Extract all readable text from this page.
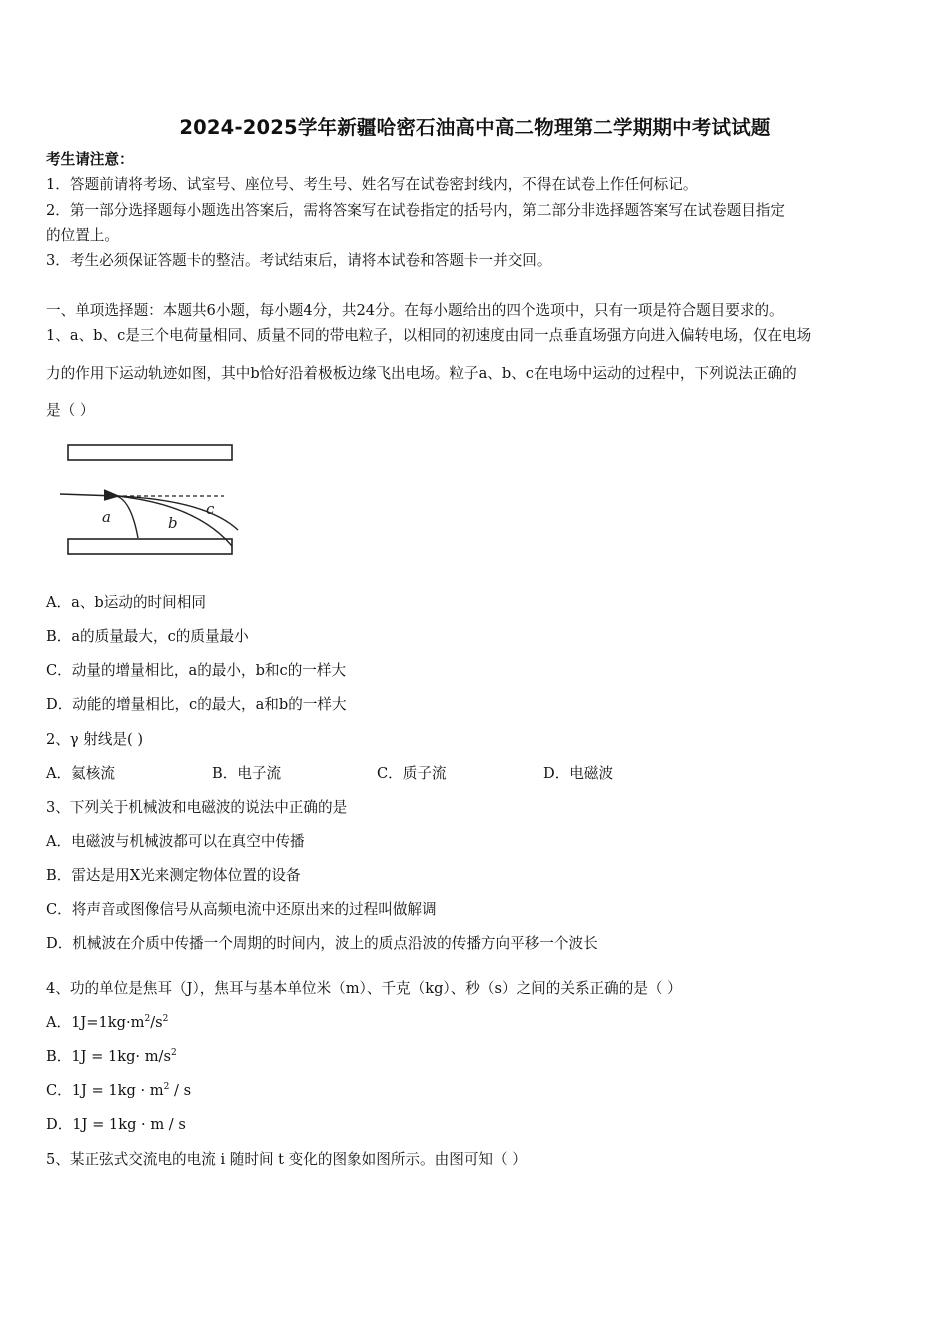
2024-2025学年新疆哈密石油高中高二物理第二学期期中考试试题
考生请注意：
1．答题前请将考场、试室号、座位号、考生号、姓名写在试卷密封线内，不得在试卷上作任何标记。
2．第一部分选择题每小题选出答案后，需将答案写在试卷指定的括号内，第二部分非选择题答案写在试卷题目指定
的位置上。
3．考生必须保证答题卡的整洁。考试结束后，请将本试卷和答题卡一并交回。
一、单项选择题：本题共6小题，每小题4分，共24分。在每小题给出的四个选项中，只有一项是符合题目要求的。
1、a、b、c是三个电荷量相同、质量不同的带电粒子，以相同的初速度由同一点垂直场强方向进入偏转电场，仅在电场
力的作用下运动轨迹如图，其中b恰好沿着极板边缘飞出电场。粒子a、b、c在电场中运动的过程中，下列说法正确的
是（ ）
a	b
c
A．a、b运动的时间相同
B．a的质量最大，c的质量最小
C．动量的增量相比，a的最小，b和c的一样大
D．动能的增量相比，c的最大，a和b的一样大
2、γ 射线是( )
A．氦核流	B．电子流	C．质子流	D．电磁波
3、下列关于机械波和电磁波的说法中正确的是
A．电磁波与机械波都可以在真空中传播
B．雷达是用X光来测定物体位置的设备
C．将声音或图像信号从高频电流中还原出来的过程叫做解调
D．机械波在介质中传播一个周期的时间内，波上的质点沿波的传播方向平移一个波长
4、功的单位是焦耳（J），焦耳与基本单位米（m）、千克（kg）、秒（s）之间的关系正确的是（ ）
A．$1J=1kg\cdot m^2/s^2$
B．$1J = 1kg\cdot m/s^2$
C．$1J = 1kg \cdot m^2 / s$
D．1J = 1kg · m / s
5、某正弦式交流电的电流 i 随时间 t 变化的图象如图所示。由图可知（ ）
